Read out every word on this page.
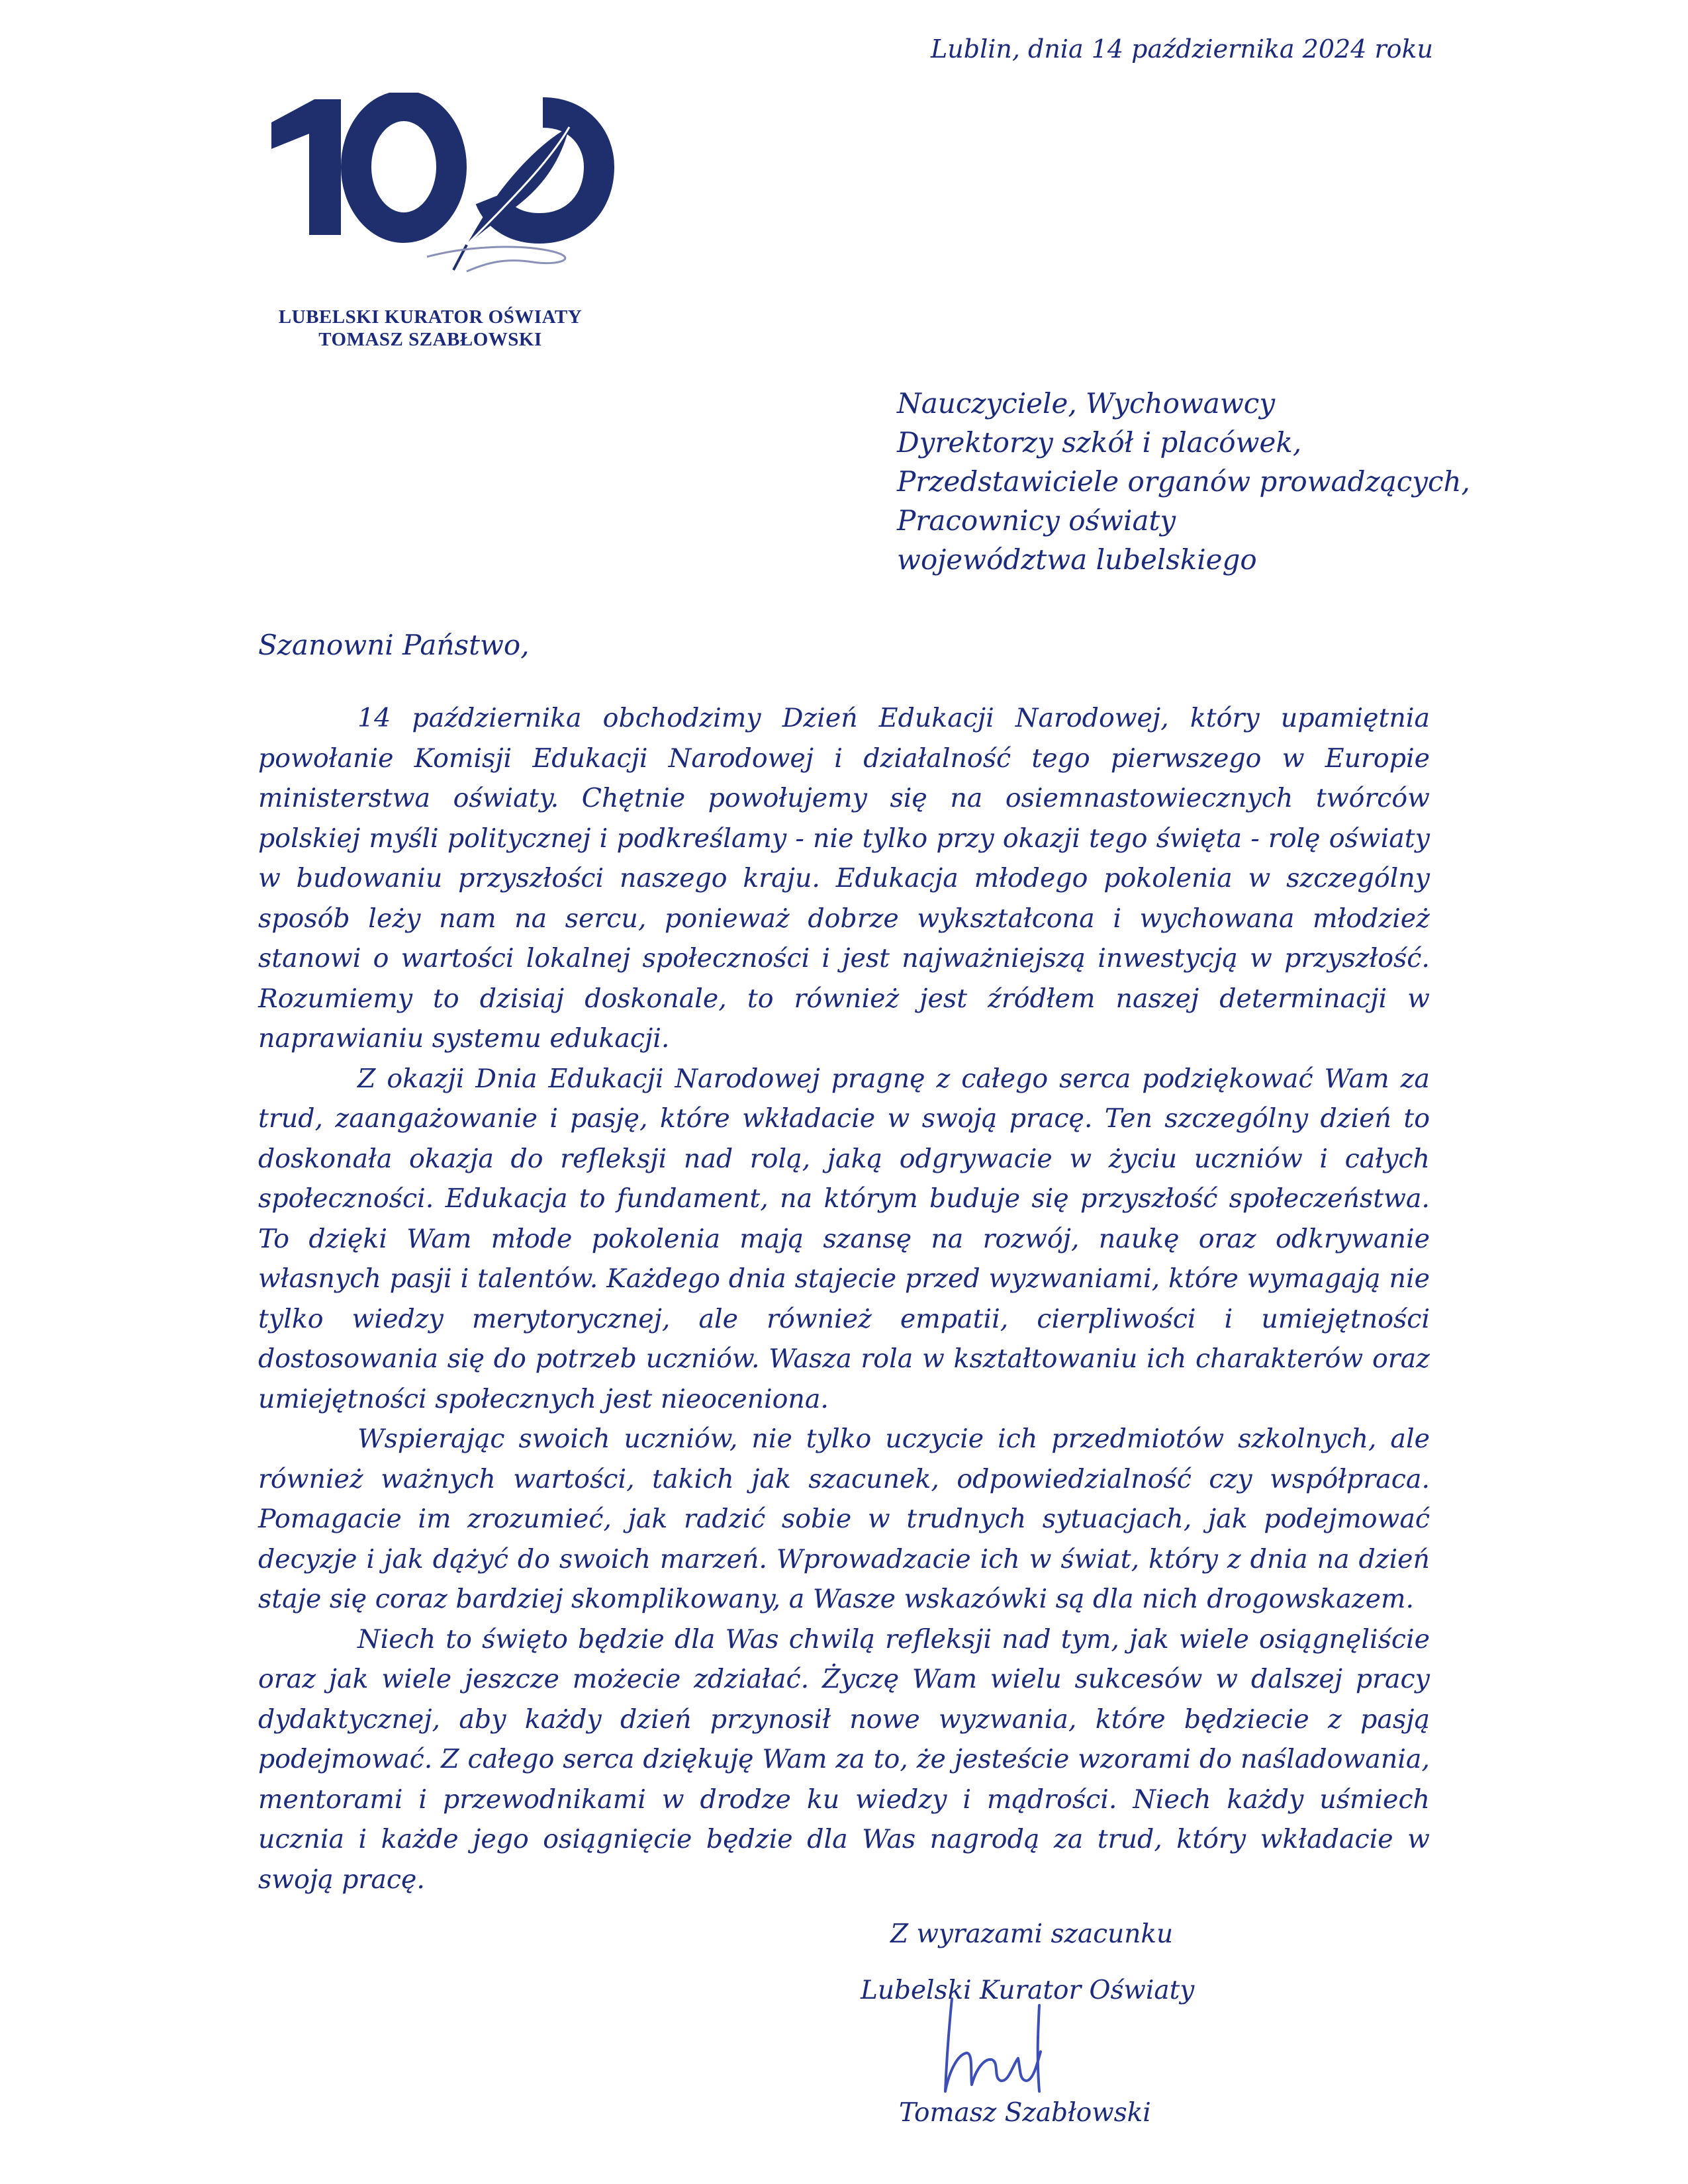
Lublin, dnia 14 października 2024 roku
LUBELSKI KURATOR OŚWIATY
TOMASZ SZABŁOWSKI
Nauczyciele, Wychowawcy
Dyrektorzy szkół i placówek,
Przedstawiciele organów prowadzących,
Pracownicy oświaty
województwa lubelskiego
Szanowni Państwo,

14 października obchodzimy Dzień Edukacji Narodowej, który upamiętnia powołanie Komisji Edukacji Narodowej i działalność tego pierwszego w Europie ministerstwa oświaty. Chętnie powołujemy się na osiemnastowiecznych twórców polskiej myśli politycznej i podkreślamy - nie tylko przy okazji tego święta - rolę oświaty w budowaniu przyszłości naszego kraju. Edukacja młodego pokolenia w szczególny sposób leży nam na sercu, ponieważ dobrze wykształcona i wychowana młodzież stanowi o wartości lokalnej społeczności i jest najważniejszą inwestycją w przyszłość. Rozumiemy to dzisiaj doskonale, to również jest źródłem naszej determinacji w naprawianiu systemu edukacji.

Z okazji Dnia Edukacji Narodowej pragnę z całego serca podziękować Wam za trud, zaangażowanie i pasję, które wkładacie w swoją pracę. Ten szczególny dzień to doskonała okazja do refleksji nad rolą, jaką odgrywacie w życiu uczniów i całych społeczności. Edukacja to fundament, na którym buduje się przyszłość społeczeństwa. To dzięki Wam młode pokolenia mają szansę na rozwój, naukę oraz odkrywanie własnych pasji i talentów. Każdego dnia stajecie przed wyzwaniami, które wymagają nie tylko wiedzy merytorycznej, ale również empatii, cierpliwości i umiejętności dostosowania się do potrzeb uczniów. Wasza rola w kształtowaniu ich charakterów oraz umiejętności społecznych jest nieoceniona.

Wspierając swoich uczniów, nie tylko uczycie ich przedmiotów szkolnych, ale również ważnych wartości, takich jak szacunek, odpowiedzialność czy współpraca. Pomagacie im zrozumieć, jak radzić sobie w trudnych sytuacjach, jak podejmować decyzje i jak dążyć do swoich marzeń. Wprowadzacie ich w świat, który z dnia na dzień staje się coraz bardziej skomplikowany, a Wasze wskazówki są dla nich drogowskazem.

Niech to święto będzie dla Was chwilą refleksji nad tym, jak wiele osiągnęliście oraz jak wiele jeszcze możecie zdziałać. Życzę Wam wielu sukcesów w dalszej pracy dydaktycznej, aby każdy dzień przynosił nowe wyzwania, które będziecie z pasją podejmować. Z całego serca dziękuję Wam za to, że jesteście wzorami do naśladowania, mentorami i przewodnikami w drodze ku wiedzy i mądrości. Niech każdy uśmiech ucznia i każde jego osiągnięcie będzie dla Was nagrodą za trud, który wkładacie w swoją pracę.

Z wyrazami szacunku
Lubelski Kurator Oświaty
Tomasz Szabłowski
